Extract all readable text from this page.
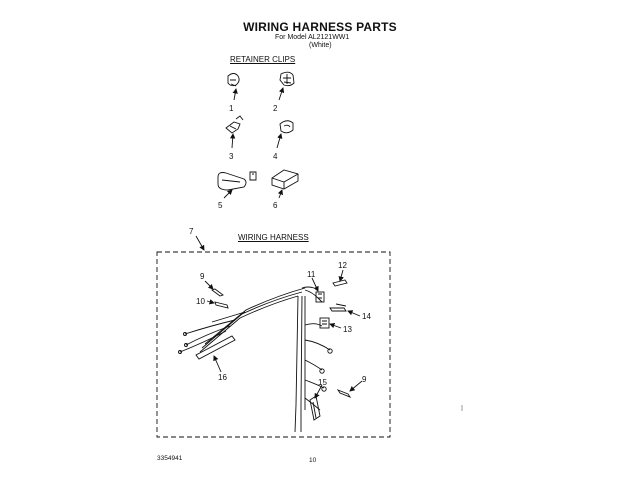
WIRING HARNESS PARTS
For Model AL2121WW1
(White)
RETAINER CLIPS
WIRING HARNESS
1	2
3	4
5	6
7
9
10
11
12
13
14
15
16	9
3354941	10
